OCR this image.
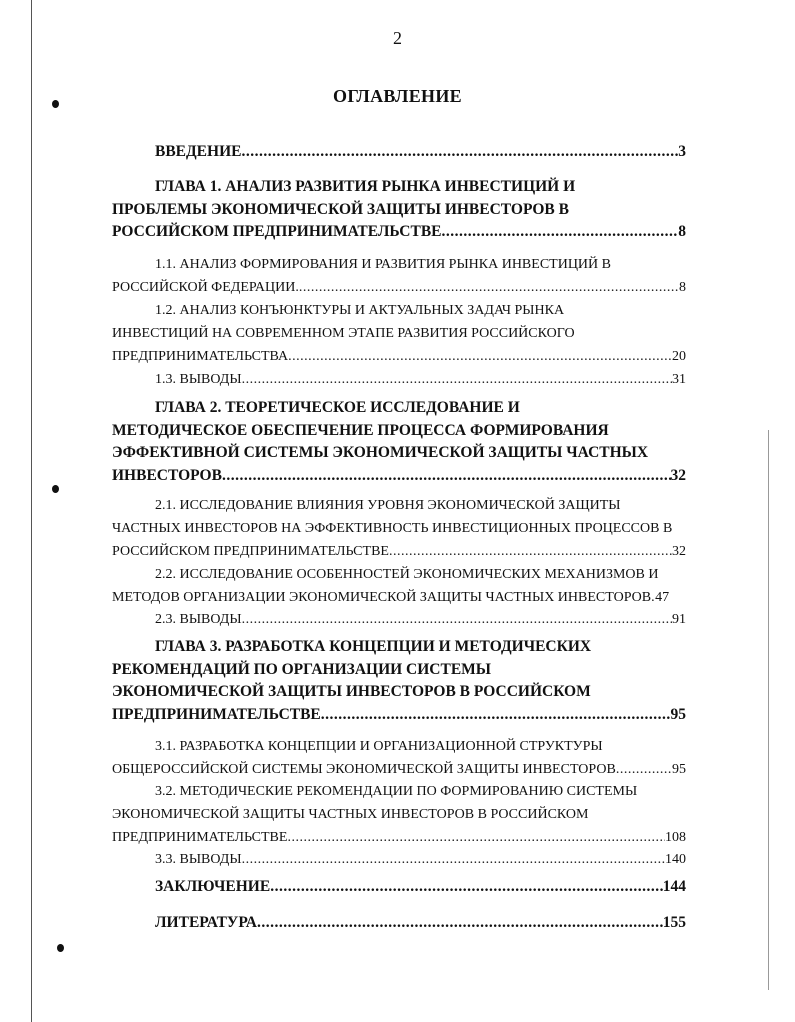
2
ОГЛАВЛЕНИЕ
ВВЕДЕНИЕ .....	3
ГЛАВА 1. АНАЛИЗ РАЗВИТИЯ РЫНКА ИНВЕСТИЦИЙ И
ПРОБЛЕМЫ ЭКОНОМИЧЕСКОЙ ЗАЩИТЫ ИНВЕСТОРОВ В
РОССИЙСКОМ ПРЕДПРИНИМАТЕЛЬСТВЕ .....	8
1.1. АНАЛИЗ ФОРМИРОВАНИЯ И РАЗВИТИЯ РЫНКА ИНВЕСТИЦИЙ В
РОССИЙСКОЙ ФЕДЕРАЦИИ. .....	8
1.2. АНАЛИЗ КОНЪЮНКТУРЫ И АКТУАЛЬНЫХ ЗАДАЧ РЫНКА
ИНВЕСТИЦИЙ НА СОВРЕМЕННОМ ЭТАПЕ РАЗВИТИЯ РОССИЙСКОГО
ПРЕДПРИНИМАТЕЛЬСТВА .....	20
1.3. ВЫВОДЫ .....	31
ГЛАВА 2. ТЕОРЕТИЧЕСКОЕ ИССЛЕДОВАНИЕ И
МЕТОДИЧЕСКОЕ ОБЕСПЕЧЕНИЕ ПРОЦЕССА ФОРМИРОВАНИЯ
ЭФФЕКТИВНОЙ СИСТЕМЫ ЭКОНОМИЧЕСКОЙ ЗАЩИТЫ ЧАСТНЫХ
ИНВЕСТОРОВ .....	32
2.1. ИССЛЕДОВАНИЕ ВЛИЯНИЯ УРОВНЯ ЭКОНОМИЧЕСКОЙ ЗАЩИТЫ
ЧАСТНЫХ ИНВЕСТОРОВ НА ЭФФЕКТИВНОСТЬ ИНВЕСТИЦИОННЫХ ПРОЦЕССОВ В
РОССИЙСКОМ ПРЕДПРИНИМАТЕЛЬСТВЕ .....	32
2.2. ИССЛЕДОВАНИЕ ОСОБЕННОСТЕЙ ЭКОНОМИЧЕСКИХ МЕХАНИЗМОВ И
МЕТОДОВ ОРГАНИЗАЦИИ ЭКОНОМИЧЕСКОЙ ЗАЩИТЫ ЧАСТНЫХ ИНВЕСТОРОВ ..... 47
2.3. ВЫВОДЫ .....	91
ГЛАВА 3. РАЗРАБОТКА КОНЦЕПЦИИ И МЕТОДИЧЕСКИХ
РЕКОМЕНДАЦИЙ ПО ОРГАНИЗАЦИИ СИСТЕМЫ
ЭКОНОМИЧЕСКОЙ ЗАЩИТЫ ИНВЕСТОРОВ В РОССИЙСКОМ
ПРЕДПРИНИМАТЕЛЬСТВЕ .....	95
3.1. РАЗРАБОТКА КОНЦЕПЦИИ И ОРГАНИЗАЦИОННОЙ СТРУКТУРЫ
ОБЩЕРОССИЙСКОЙ СИСТЕМЫ ЭКОНОМИЧЕСКОЙ ЗАЩИТЫ ИНВЕСТОРОВ .....	95
3.2. МЕТОДИЧЕСКИЕ РЕКОМЕНДАЦИИ ПО ФОРМИРОВАНИЮ СИСТЕМЫ
ЭКОНОМИЧЕСКОЙ ЗАЩИТЫ ЧАСТНЫХ ИНВЕСТОРОВ В РОССИЙСКОМ
ПРЕДПРИНИМАТЕЛЬСТВЕ .....	108
3.3. ВЫВОДЫ .....	140
ЗАКЛЮЧЕНИЕ .....	144
ЛИТЕРАТУРА .....	155
